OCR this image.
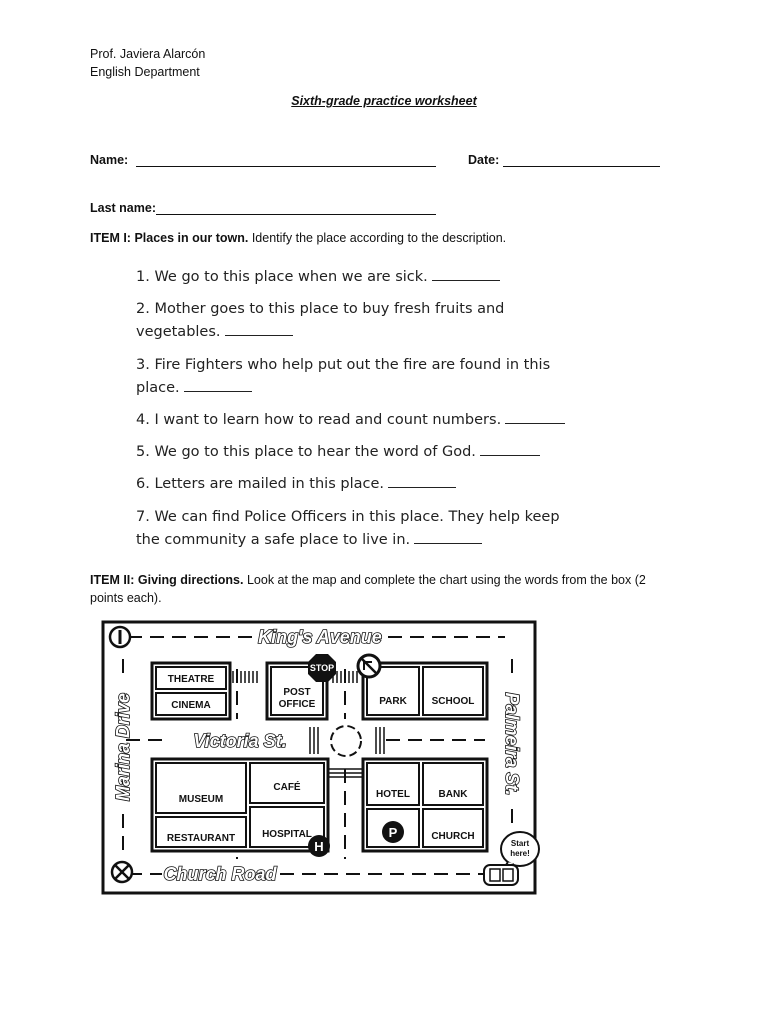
Prof. Javiera Alarcón
English Department
Sixth-grade practice worksheet
Name:	Date:
Last name:
ITEM I: Places in our town. Identify the place according to the description.
1. We go to this place when we are sick.
2. Mother goes to this place to buy fresh fruits and
vegetables.
3. Fire Fighters who help put out the fire are found in this
place.
4. I want to learn how to read and count numbers.
5. We go to this place to hear the word of God.
6. Letters are mailed in this place.
7. We can find Police Officers in this place. They help keep
the community a safe place to live in.
ITEM II: Giving directions. Look at the map and complete the chart using the words from the box (2
points each).
THEATRE
CINEMA
POST
OFFICE	PARK SCHOOL
MUSEUM
CAFÉ
HOTEL	BANK
RESTAURANT	HOSPITAL	CHURCH
King's Avenue
Victoria St.
Church Road
Marina Drive	Palmeira St.
STOP
H
P
Start
here!
